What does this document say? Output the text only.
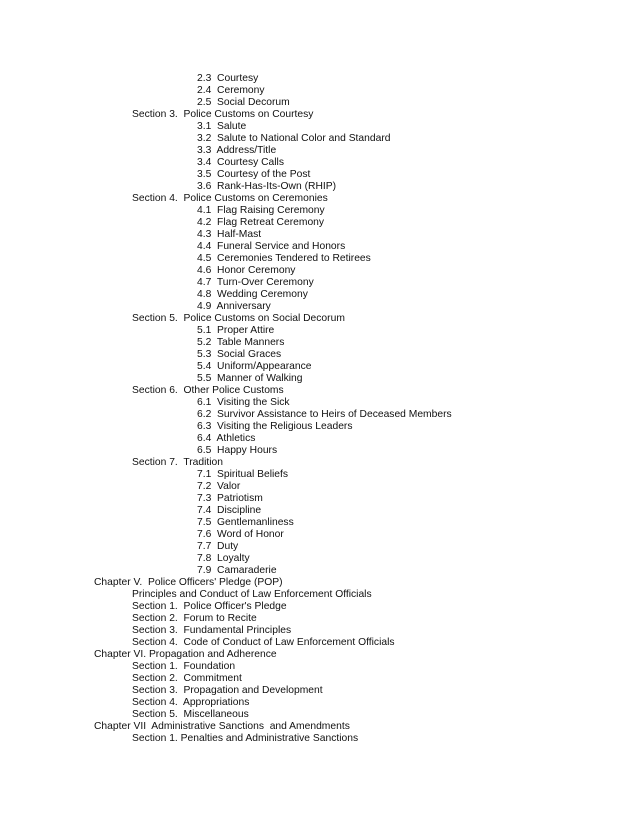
2.3  Courtesy
2.4  Ceremony
2.5  Social Decorum
Section 3.  Police Customs on Courtesy
3.1  Salute
3.2  Salute to National Color and Standard
3.3  Address/Title
3.4  Courtesy Calls
3.5  Courtesy of the Post
3.6  Rank-Has-Its-Own (RHIP)
Section 4.  Police Customs on Ceremonies
4.1  Flag Raising Ceremony
4.2  Flag Retreat Ceremony
4.3  Half-Mast
4.4  Funeral Service and Honors
4.5  Ceremonies Tendered to Retirees
4.6  Honor Ceremony
4.7  Turn-Over Ceremony
4.8  Wedding Ceremony
4.9  Anniversary
Section 5.  Police Customs on Social Decorum
5.1  Proper Attire
5.2  Table Manners
5.3  Social Graces
5.4  Uniform/Appearance
5.5  Manner of Walking
Section 6.  Other Police Customs
6.1  Visiting the Sick
6.2  Survivor Assistance to Heirs of Deceased Members
6.3  Visiting the Religious Leaders
6.4  Athletics
6.5  Happy Hours
Section 7.  Tradition
7.1  Spiritual Beliefs
7.2  Valor
7.3  Patriotism
7.4  Discipline
7.5  Gentlemanliness
7.6  Word of Honor
7.7  Duty
7.8  Loyalty
7.9  Camaraderie
Chapter V.  Police Officers' Pledge (POP)
Principles and Conduct of Law Enforcement Officials
Section 1.  Police Officer's Pledge
Section 2.  Forum to Recite
Section 3.  Fundamental Principles
Section 4.  Code of Conduct of Law Enforcement Officials
Chapter VI. Propagation and Adherence
Section 1.  Foundation
Section 2.  Commitment
Section 3.  Propagation and Development
Section 4.  Appropriations
Section 5.  Miscellaneous
Chapter VII  Administrative Sanctions  and Amendments
Section 1. Penalties and Administrative Sanctions
